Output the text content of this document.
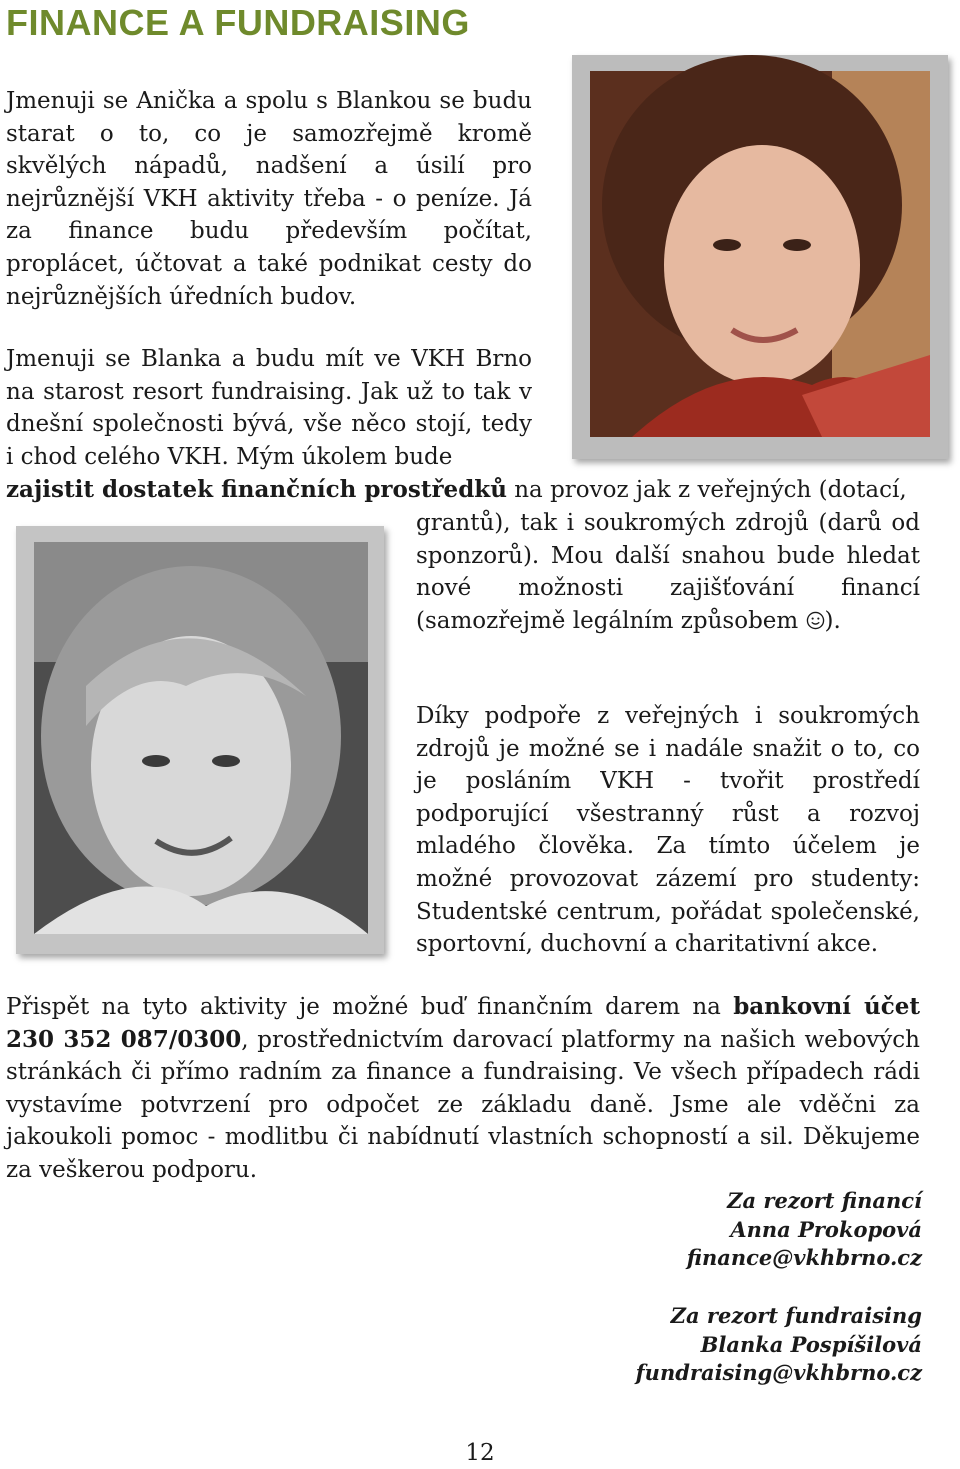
FINANCE A FUNDRAISING

Jmenuji se Anička a spolu s Blankou se budu starat o to, co je samozřejmě kromě skvělých nápadů, nadšení a úsilí pro nejrůznější VKH aktivity třeba - o peníze. Já za finance budu především počítat, proplácet, účtovat a také podnikat cesty do nejrůznějších úředních budov.

Jmenuji se Blanka a budu mít ve VKH Brno na starost resort fundraising. Jak už to tak v dnešní společnosti bývá, vše něco stojí, tedy i chod celého VKH. Mým úkolem bude

zajistit dostatek finančních prostředků na provoz jak z veřejných (dotací,

grantů), tak i soukromých zdrojů (darů od sponzorů). Mou další snahou bude hledat nové možnosti zajišťování financí (samozřejmě legálním způsobem ).

Díky podpoře z veřejných i soukromých zdrojů je možné se i nadále snažit o to, co je posláním VKH - tvořit prostředí podporující všestranný růst a rozvoj mladého člověka. Za tímto účelem je možné provozovat zázemí pro studenty: Studentské centrum, pořádat společenské, sportovní, duchovní a charitativní akce.

Přispět na tyto aktivity je možné buď finančním darem na bankovní účet 230 352 087/0300, prostřednictvím darovací platformy na našich webových stránkách či přímo radním za finance a fundraising. Ve všech případech rádi vystavíme potvrzení pro odpočet ze základu daně. Jsme ale vděčni za jakoukoli pomoc - modlitbu či nabídnutí vlastních schopností a sil. Děkujeme za veškerou podporu.

Za rezort financí
Anna Prokopová
finance@vkhbrno.cz
Za rezort fundraising
Blanka Pospíšilová
fundraising@vkhbrno.cz
12
